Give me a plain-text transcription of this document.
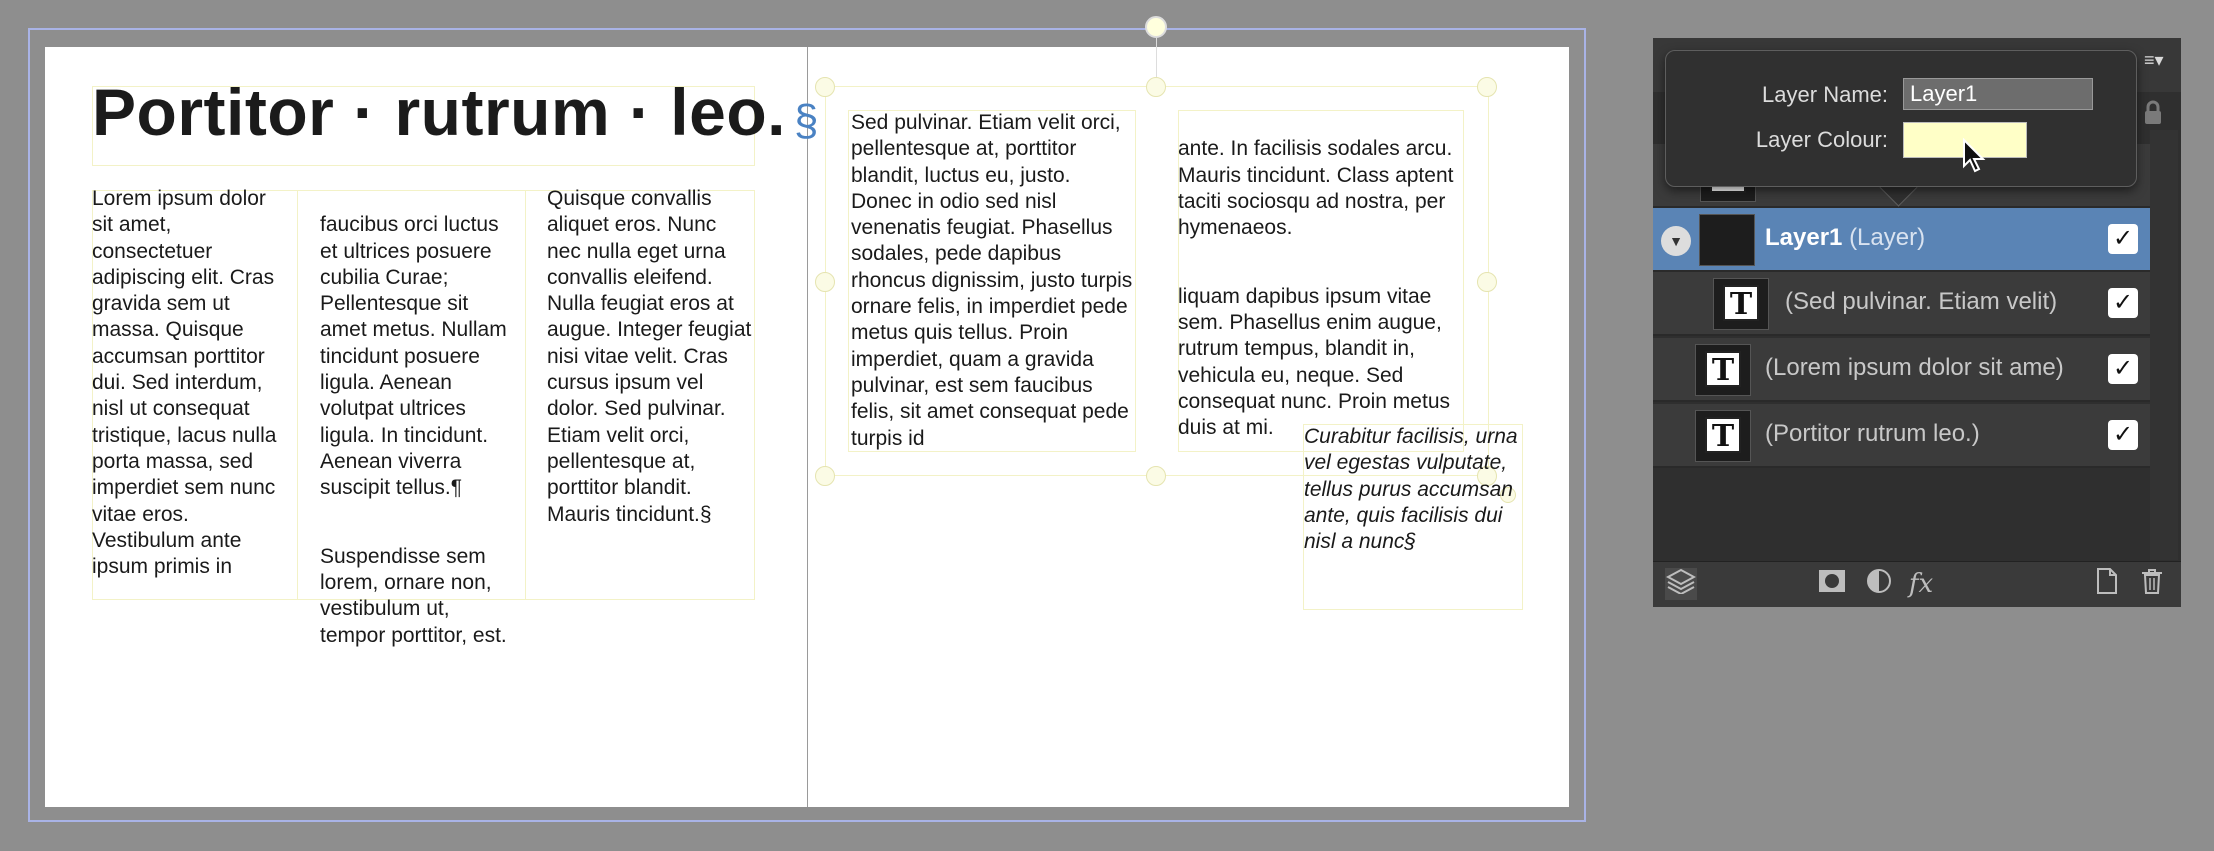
Portitor · rutrum · leo. §
Lorem ipsum dolor sit amet, consectetuer adipiscing elit. Cras gravida sem ut massa. Quisque accumsan porttitor dui. Sed interdum, nisl ut consequat tristique, lacus nulla porta massa, sed imperdiet sem nunc vitae eros. Vestibulum ante ipsum primis in

faucibus orci luctus et ultrices posuere cubilia Curae; Pellentesque sit amet metus. Nullam tincidunt posuere ligula. Aenean volutpat ultrices ligula. In tincidunt. Aenean viverra suscipit tellus.¶

Suspendisse sem lorem, ornare non, vestibulum ut, tempor porttitor, est.

Quisque convallis aliquet eros. Nunc nec nulla eget urna convallis eleifend. Nulla feugiat eros at augue. Integer feugiat nisi vitae velit. Cras cursus ipsum vel dolor. Sed pulvinar. Etiam velit orci, pellentesque at, porttitor blandit. Mauris tincidunt.§
Sed pulvinar. Etiam velit orci, pellentesque at, porttitor blandit, luctus eu, justo. Donec in odio sed nisl venenatis feugiat. Phasellus sodales, pede dapibus rhoncus dignissim, justo turpis ornare felis, in imperdiet pede metus quis tellus. Proin imperdiet, quam a gravida pulvinar, est sem faucibus felis, sit amet consequat pede turpis id

ante. In facilisis sodales arcu. Mauris tincidunt. Class aptent taciti sociosqu ad nostra, per hymenaeos.

liquam dapibus ipsum vitae sem. Phasellus enim augue, rutrum tempus, blandit in, vehicula eu, neque. Sed consequat nunc. Proin metus duis at mi.	Curabitur facilisis, urna vel egestas vulputate, tellus purus accumsan ante, quis facilisis dui nisl a nunc§
≡▾
T
▼	Layer1 (Layer)	✓
T
(Sed pulvinar. Etiam velit) ✓
T
(Lorem ipsum dolor sit ame) ✓
T
(Portitor rutrum leo.)	✓
fx
Layer Name:
Layer1
Layer Colour:
